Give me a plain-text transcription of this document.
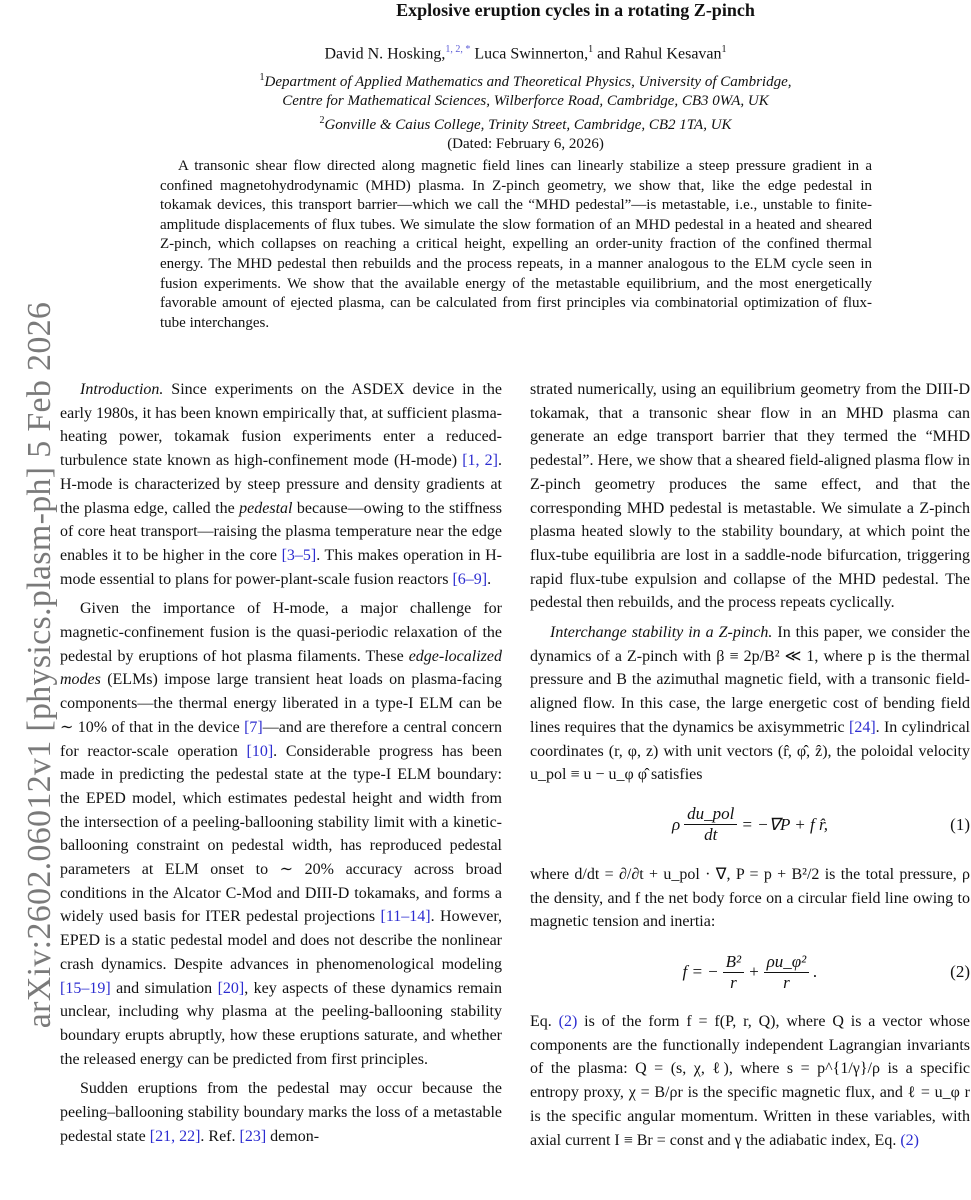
arXiv:2602.06012v1 [physics.plasm-ph] 5 Feb 2026
Explosive eruption cycles in a rotating Z-pinch
David N. Hosking,$^{1, 2, *}$ Luca Swinnerton,$^1$ and Rahul Kesavan$^1$
$^1$Department of Applied Mathematics and Theoretical Physics, University of Cambridge,
Centre for Mathematical Sciences, Wilberforce Road, Cambridge, CB3 0WA, UK
$^2$Gonville & Caius College, Trinity Street, Cambridge, CB2 1TA, UK
(Dated: February 6, 2026)
A transonic shear flow directed along magnetic field lines can linearly stabilize a steep pressure gradient in a confined magnetohydrodynamic (MHD) plasma. In Z-pinch geometry, we show that, like the edge pedestal in tokamak devices, this transport barrier—which we call the “MHD pedestal”—is metastable, i.e., unstable to finite-amplitude displacements of flux tubes. We simulate the slow formation of an MHD pedestal in a heated and sheared Z-pinch, which collapses on reaching a critical height, expelling an order-unity fraction of the confined thermal energy. The MHD pedestal then rebuilds and the process repeats, in a manner analogous to the ELM cycle seen in fusion experiments. We show that the available energy of the metastable equilibrium, and the most energetically favorable amount of ejected plasma, can be calculated from first principles via combinatorial optimization of flux-tube interchanges.

Introduction. Since experiments on the ASDEX device in the early 1980s, it has been known empirically that, at sufficient plasma-heating power, tokamak fusion experiments enter a reduced-turbulence state known as high-confinement mode (H-mode) [1, 2]. H-mode is characterized by steep pressure and density gradients at the plasma edge, called the pedestal because—owing to the stiffness of core heat transport—raising the plasma temperature near the edge enables it to be higher in the core [3–5]. This makes operation in H-mode essential to plans for power-plant-scale fusion reactors [6–9].

Given the importance of H-mode, a major challenge for magnetic-confinement fusion is the quasi-periodic relaxation of the pedestal by eruptions of hot plasma filaments. These edge-localized modes (ELMs) impose large transient heat loads on plasma-facing components—the thermal energy liberated in a type-I ELM can be ∼ 10% of that in the device [7]—and are therefore a central concern for reactor-scale operation [10]. Considerable progress has been made in predicting the pedestal state at the type-I ELM boundary: the EPED model, which estimates pedestal height and width from the intersection of a peeling-ballooning stability limit with a kinetic-ballooning constraint on pedestal width, has reproduced pedestal parameters at ELM onset to ∼ 20% accuracy across broad conditions in the Alcator C-Mod and DIII-D tokamaks, and forms a widely used basis for ITER pedestal projections [11–14]. However, EPED is a static pedestal model and does not describe the nonlinear crash dynamics. Despite advances in phenomenological modeling [15–19] and simulation [20], key aspects of these dynamics remain unclear, including why plasma at the peeling-ballooning stability boundary erupts abruptly, how these eruptions saturate, and whether the released energy can be predicted from first principles.

Sudden eruptions from the pedestal may occur because the peeling–ballooning stability boundary marks the loss of a metastable pedestal state [21, 22]. Ref. [23] demon-

strated numerically, using an equilibrium geometry from the DIII-D tokamak, that a transonic shear flow in an MHD plasma can generate an edge transport barrier that they termed the “MHD pedestal”. Here, we show that a sheared field-aligned plasma flow in Z-pinch geometry produces the same effect, and that the corresponding MHD pedestal is metastable. We simulate a Z-pinch plasma heated slowly to the stability boundary, at which point the flux-tube equilibria are lost in a saddle-node bifurcation, triggering rapid flux-tube expulsion and collapse of the MHD pedestal. The pedestal then rebuilds, and the process repeats cyclically.

Interchange stability in a Z-pinch. In this paper, we consider the dynamics of a Z-pinch with β ≡ 2p/B² ≪ 1, where p is the thermal pressure and B the azimuthal magnetic field, with a transonic field-aligned flow. In this case, the large energetic cost of bending field lines requires that the dynamics be axisymmetric [24]. In cylindrical coordinates (r, φ, z) with unit vectors (r̂, φ̂, ẑ), the poloidal velocity u_pol ≡ u − u_φ φ̂ satisfies

ρ $\frac{\text{du\_pol}}{dt} = -\nabla P + f$ r̂,	(1)

where d/dt = ∂/∂t + u_pol · ∇, P = p + B²/2 is the total pressure, ρ the density, and f the net body force on a circular field line owing to magnetic tension and inertia:

f = − $\frac{\text{B²}}{r} + \frac{\text{ρu\_φ²}}{r}$ .	(2)

Eq. (2) is of the form f = f(P, r, Q), where Q is a vector whose components are the functionally independent Lagrangian invariants of the plasma: Q = (s, χ, ℓ), where s = p^{1/γ}/ρ is a specific entropy proxy, χ = B/ρr is the specific magnetic flux, and ℓ = u_φ r is the specific angular momentum. Written in these variables, with axial current I ≡ Br = const and γ the adiabatic index, Eq. (2)
